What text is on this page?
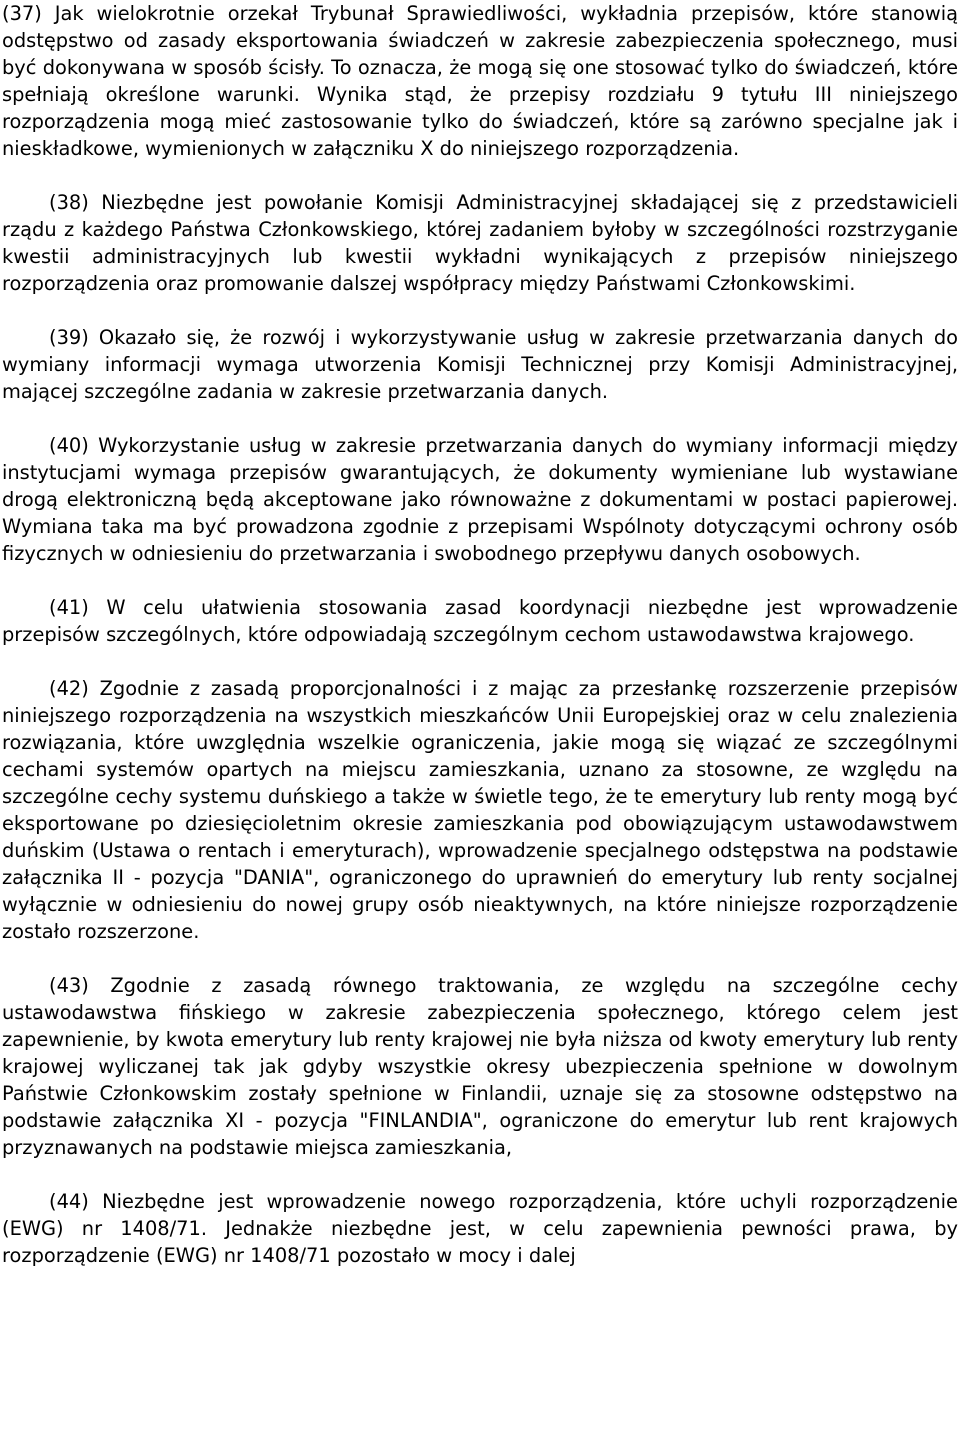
(37) Jak wielokrotnie orzekał Trybunał Sprawiedliwości, wykładnia przepisów, które stanowią odstępstwo od zasady eksportowania świadczeń w zakresie zabezpieczenia społecznego, musi być dokonywana w sposób ścisły. To oznacza, że mogą się one stosować tylko do świadczeń, które spełniają określone warunki. Wynika stąd, że przepisy rozdziału 9 tytułu III niniejszego rozporządzenia mogą mieć zastosowanie tylko do świadczeń, które są zarówno specjalne jak i nieskładkowe, wymienionych w załączniku X do niniejszego rozporządzenia.

(38) Niezbędne jest powołanie Komisji Administracyjnej składającej się z przedstawicieli rządu z każdego Państwa Członkowskiego, której zadaniem byłoby w szczególności rozstrzyganie kwestii administracyjnych lub kwestii wykładni wynikających z przepisów niniejszego rozporządzenia oraz promowanie dalszej współpracy między Państwami Członkowskimi.

(39) Okazało się, że rozwój i wykorzystywanie usług w zakresie przetwarzania danych do wymiany informacji wymaga utworzenia Komisji Technicznej przy Komisji Administracyjnej, mającej szczególne zadania w zakresie przetwarzania danych.

(40) Wykorzystanie usług w zakresie przetwarzania danych do wymiany informacji między instytucjami wymaga przepisów gwarantujących, że dokumenty wymieniane lub wystawiane drogą elektroniczną będą akceptowane jako równoważne z dokumentami w postaci papierowej. Wymiana taka ma być prowadzona zgodnie z przepisami Wspólnoty dotyczącymi ochrony osób fizycznych w odniesieniu do przetwarzania i swobodnego przepływu danych osobowych.

(41) W celu ułatwienia stosowania zasad koordynacji niezbędne jest wprowadzenie przepisów szczególnych, które odpowiadają szczególnym cechom ustawodawstwa krajowego.

(42) Zgodnie z zasadą proporcjonalności i z mając za przesłankę rozszerzenie przepisów niniejszego rozporządzenia na wszystkich mieszkańców Unii Europejskiej oraz w celu znalezienia rozwiązania, które uwzględnia wszelkie ograniczenia, jakie mogą się wiązać ze szczególnymi cechami systemów opartych na miejscu zamieszkania, uznano za stosowne, ze względu na szczególne cechy systemu duńskiego a także w świetle tego, że te emerytury lub renty mogą być eksportowane po dziesięcioletnim okresie zamieszkania pod obowiązującym ustawodawstwem duńskim (Ustawa o rentach i emeryturach), wprowadzenie specjalnego odstępstwa na podstawie załącznika II - pozycja "DANIA", ograniczonego do uprawnień do emerytury lub renty socjalnej wyłącznie w odniesieniu do nowej grupy osób nieaktywnych, na które niniejsze rozporządzenie zostało rozszerzone.

(43) Zgodnie z zasadą równego traktowania, ze względu na szczególne cechy ustawodawstwa fińskiego w zakresie zabezpieczenia społecznego, którego celem jest zapewnienie, by kwota emerytury lub renty krajowej nie była niższa od kwoty emerytury lub renty krajowej wyliczanej tak jak gdyby wszystkie okresy ubezpieczenia spełnione w dowolnym Państwie Członkowskim zostały spełnione w Finlandii, uznaje się za stosowne odstępstwo na podstawie załącznika XI - pozycja "FINLANDIA", ograniczone do emerytur lub rent krajowych przyznawanych na podstawie miejsca zamieszkania,

(44) Niezbędne jest wprowadzenie nowego rozporządzenia, które uchyli rozporządzenie (EWG) nr 1408/71. Jednakże niezbędne jest, w celu zapewnienia pewności prawa, by rozporządzenie (EWG) nr 1408/71 pozostało w mocy i dalej
